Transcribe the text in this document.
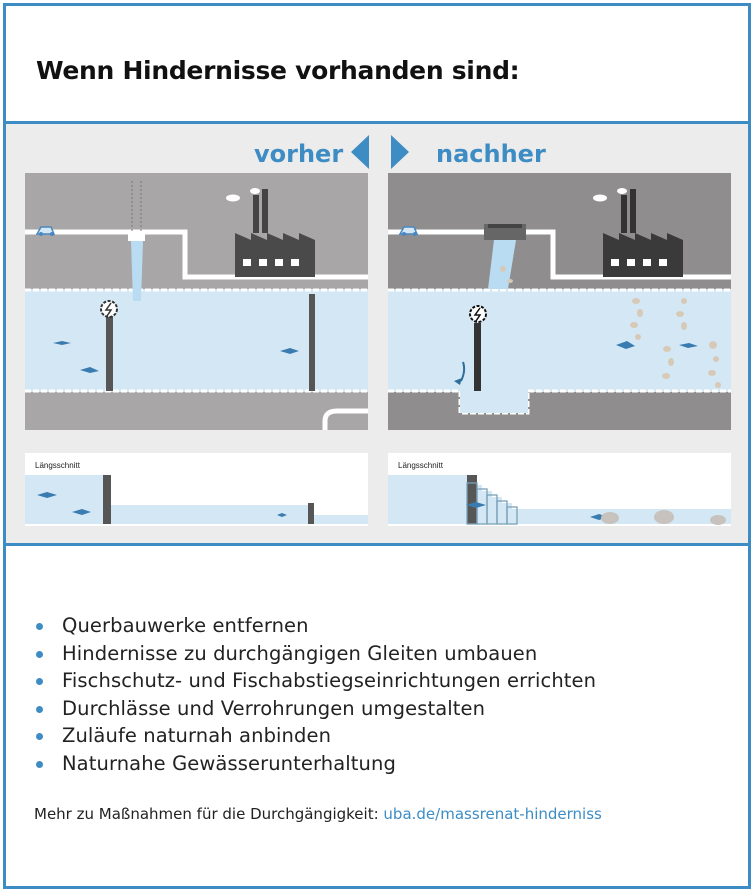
Wenn Hindernisse vorhanden sind:
vorher	nachher
Längsschnitt	Längsschnitt
Querbauwerke entfernen
Hindernisse zu durchgängigen Gleiten umbauen
Fischschutz- und Fischabstiegseinrichtungen errichten
Durchlässe und Verrohrungen umgestalten
Zuläufe naturnah anbinden
Naturnahe Gewässerunterhaltung
Mehr zu Maßnahmen für die Durchgängigkeit: uba.de/massrenat-hinderniss
